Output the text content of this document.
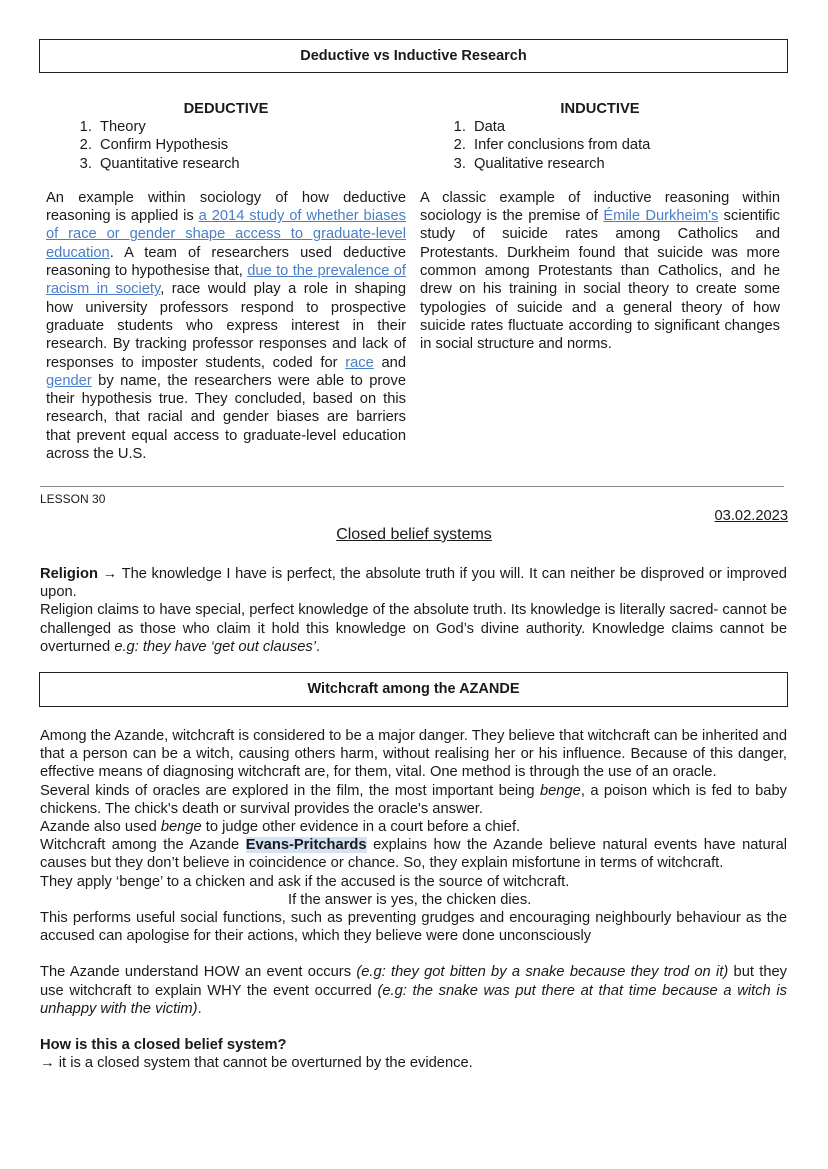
Deductive vs Inductive Research
DEDUCTIVE
1. Theory
2. Confirm Hypothesis
3. Quantitative research

An example within sociology of how deductive reasoning is applied is a 2014 study of whether biases of race or gender shape access to graduate-level education. A team of researchers used deductive reasoning to hypothesise that, due to the prevalence of racism in society, race would play a role in shaping how university professors respond to prospective graduate students who express interest in their research. By tracking professor responses and lack of responses to imposter students, coded for race and gender by name, the researchers were able to prove their hypothesis true. They concluded, based on this research, that racial and gender biases are barriers that prevent equal access to graduate-level education across the U.S.

INDUCTIVE
1. Data
2. Infer conclusions from data
3. Qualitative research

A classic example of inductive reasoning within sociology is the premise of Émile Durkheim's scientific study of suicide rates among Catholics and Protestants. Durkheim found that suicide was more common among Protestants than Catholics, and he drew on his training in social theory to create some typologies of suicide and a general theory of how suicide rates fluctuate according to significant changes in social structure and norms.

LESSON 30
03.02.2023
Closed belief systems

Religion → The knowledge I have is perfect, the absolute truth if you will. It can neither be disproved or improved upon.

Religion claims to have special, perfect knowledge of the absolute truth. Its knowledge is literally sacred- cannot be challenged as those who claim it hold this knowledge on God’s divine authority. Knowledge claims cannot be overturned e.g: they have ‘get out clauses’.

Witchcraft among the AZANDE

Among the Azande, witchcraft is considered to be a major danger. They believe that witchcraft can be inherited and that a person can be a witch, causing others harm, without realising her or his influence. Because of this danger, effective means of diagnosing witchcraft are, for them, vital. One method is through the use of an oracle.

Several kinds of oracles are explored in the film, the most important being benge, a poison which is fed to baby chickens. The chick's death or survival provides the oracle's answer.

Azande also used benge to judge other evidence in a court before a chief.

Witchcraft among the Azande Evans-Pritchards explains how the Azande believe natural events have natural causes but they don’t believe in coincidence or chance. So, they explain misfortune in terms of witchcraft.

They apply ‘benge’ to a chicken and ask if the accused is the source of witchcraft.

If the answer is yes, the chicken dies.

This performs useful social functions, such as preventing grudges and encouraging neighbourly behaviour as the accused can apologise for their actions, which they believe were done unconsciously

The Azande understand HOW an event occurs (e.g: they got bitten by a snake because they trod on it) but they use witchcraft to explain WHY the event occurred (e.g: the snake was put there at that time because a witch is unhappy with the victim).

How is this a closed belief system?

→ it is a closed system that cannot be overturned by the evidence.
